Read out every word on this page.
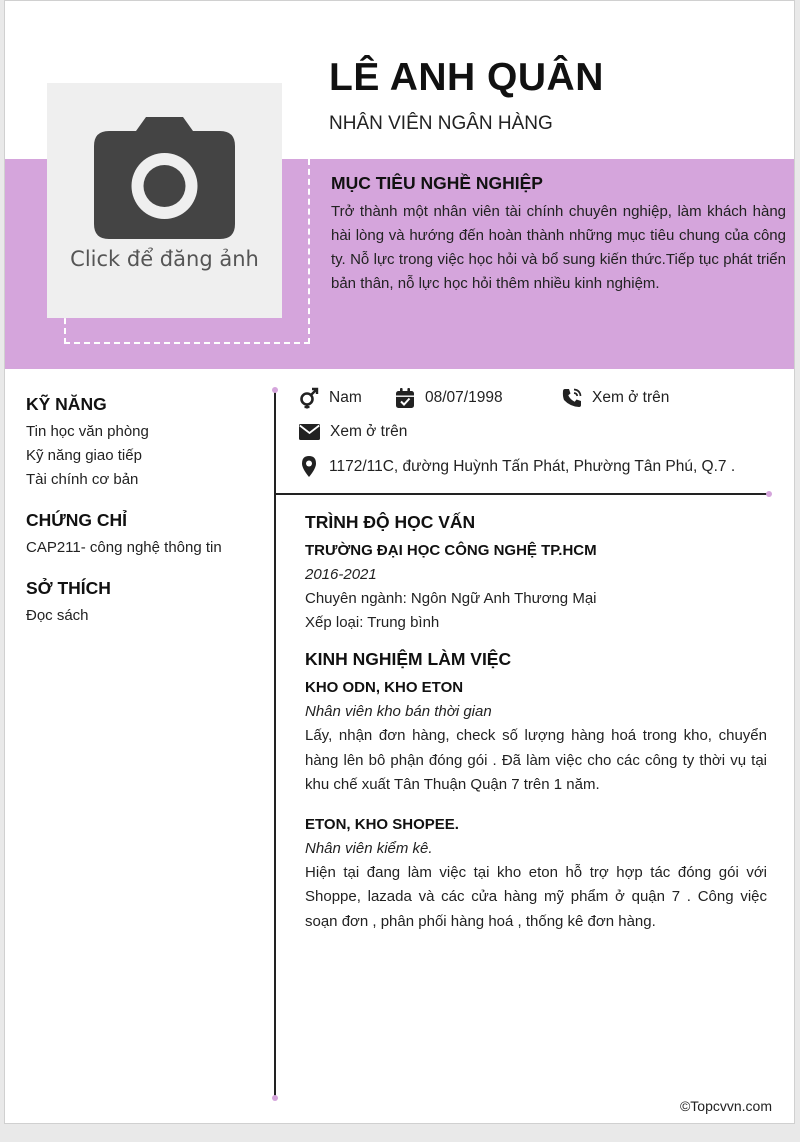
Click để đăng ảnh
LÊ ANH QUÂN
NHÂN VIÊN NGÂN HÀNG
MỤC TIÊU NGHỀ NGHIỆP

Trở thành một nhân viên tài chính chuyên nghiệp, làm khách hàng hài lòng và hướng đến hoàn thành những mục tiêu chung của công ty. Nỗ lực trong việc học hỏi và bổ sung kiến thức.Tiếp tục phát triển bản thân, nỗ lực học hỏi thêm nhiều kinh nghiệm.

KỸ NĂNG
Tin học văn phòng
Kỹ năng giao tiếp
Tài chính cơ bản
CHỨNG CHỈ
CAP211- công nghệ thông tin
SỞ THÍCH
Đọc sách
Nam	08/07/1998	Xem ở trên
Xem ở trên
1172/11C, đường Huỳnh Tấn Phát, Phường Tân Phú, Q.7 .
TRÌNH ĐỘ HỌC VẤN
TRƯỜNG ĐẠI HỌC CÔNG NGHỆ TP.HCM
2016-2021
Chuyên ngành: Ngôn Ngữ Anh Thương Mại
Xếp loại: Trung bình
KINH NGHIỆM LÀM VIỆC
KHO ODN, KHO ETON
Nhân viên kho bán thời gian

Lấy, nhận đơn hàng, check số lượng hàng hoá trong kho, chuyển hàng lên bô phận đóng gói . Đã làm việc cho các công ty thời vụ tại khu chế xuất Tân Thuận Quận 7 trên 1 năm.

ETON, KHO SHOPEE.
Nhân viên kiểm kê.

Hiện tại đang làm việc tại kho eton hỗ trợ hợp tác đóng gói với Shoppe, lazada và các cửa hàng mỹ phẩm ở quận 7 . Công việc soạn đơn , phân phối hàng hoá , thống kê đơn hàng.

©Topcvvn.com
